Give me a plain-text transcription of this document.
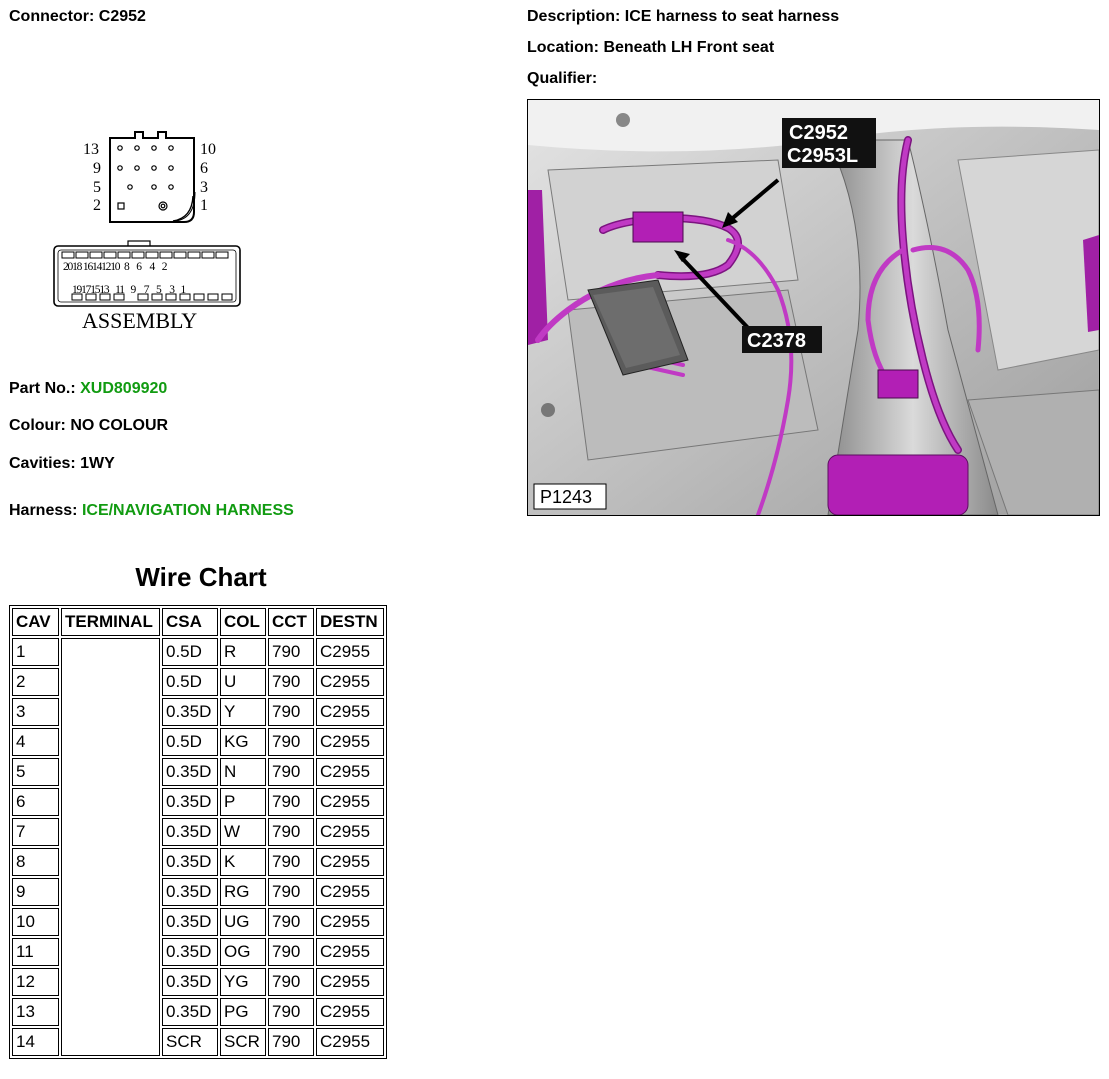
Connector: C2952	Description: ICE harness to seat harness
Location: Beneath LH Front seat
Qualifier:
13
9
5
2
10
6
3
1
2018 16141210 8 6 4 2
19171513 11 9 7 5 3 1
ASSEMBLY
Part No.: XUD809920
Colour: NO COLOUR
Cavities: 1WY
Harness: ICE/NAVIGATION HARNESS
C2952
C2953L
C2378
P1243
Wire Chart
CAV	TERMINAL	CSA	COL	CCT	DESTN
1		0.5D	R	790	C2955
2		0.5D	U	790	C2955
3		0.35D	Y	790	C2955
4		0.5D	KG	790	C2955
5		0.35D	N	790	C2955
6		0.35D	P	790	C2955
7		0.35D	W	790	C2955
8		0.35D	K	790	C2955
9		0.35D	RG	790	C2955
10		0.35D	UG	790	C2955
11		0.35D	OG	790	C2955
12		0.35D	YG	790	C2955
13		0.35D	PG	790	C2955
14		SCR	SCR	790	C2955
